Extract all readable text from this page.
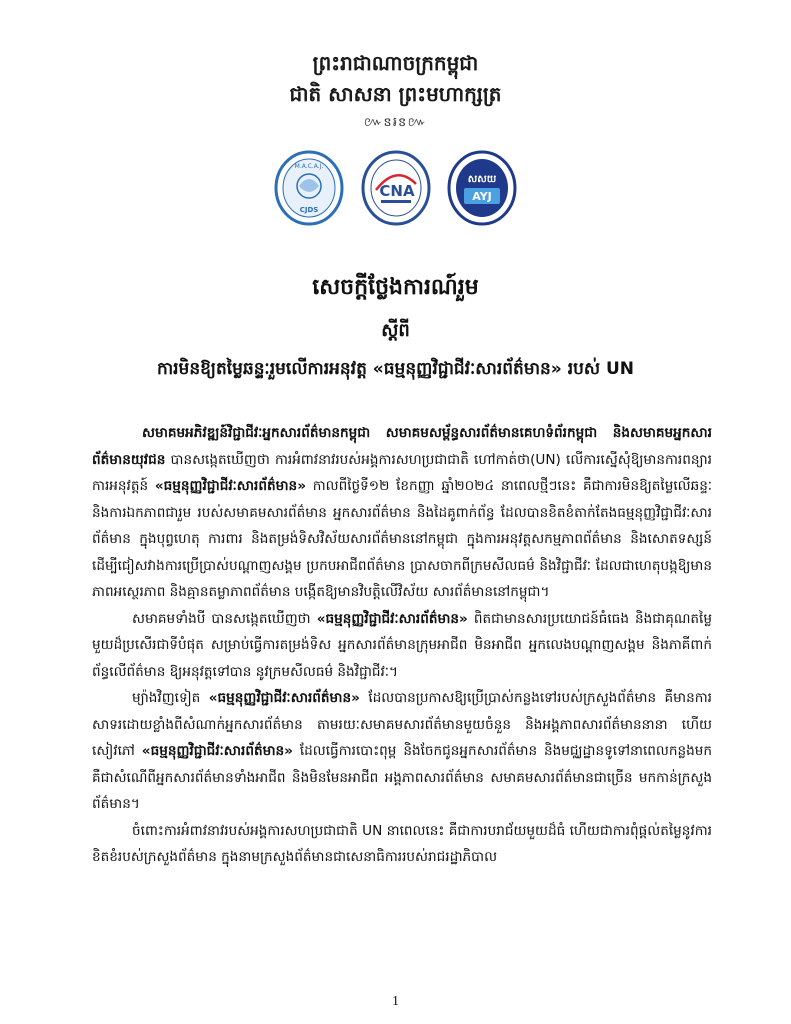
ព្រះរាជាណាចក្រកម្ពុជា
ជាតិ សាសនា ព្រះមហាក្សត្រ
៚ៜ៛ៜ៚
M.A.C.A.J.
CJDS
CNA
សសយ
AYJ
សេចក្តីថ្លែងការណ៍រួម
ស្តីពី
ការមិនឱ្យតម្លៃឆន្ទៈរួមលើការអនុវត្ត «ធម្មនុញ្ញវិជ្ជាជីវៈសារព័ត៌មាន» របស់ UN

សមាគមអភិវឌ្ឍន៍វិជ្ជាជីវៈអ្នកសារព័ត៌មានកម្ពុជា សមាគមសម្ព័ន្ធសារព័ត៌មានគេហទំព័រកម្ពុជា និងសមាគមអ្នកសារព័ត៌មានយុវជន បានសង្កេតឃើញថា ការអំពាវនាវរបស់អង្គការសហប្រជាជាតិ ហៅកាត់ថា(UN) លើការស្នើសុំឱ្យមានការពន្យារការអនុវត្តន៍ «ធម្មនុញ្ញវិជ្ជាជីវៈសារព័ត៌មាន» កាលពីថ្ងៃទី១២ ខែកញ្ញា ឆ្នាំ២០២៤ នាពេលថ្មីៗនេះ គឺជាការមិនឱ្យតម្លៃលើឆន្ទៈ និងការឯកភាពជារួម របស់សមាគមសារព័ត៌មាន អ្នកសារព័ត៌មាន និងដៃគូពាក់ព័ន្ធ ដែលបានខិតខំតាក់តែងធម្មនុញ្ញវិជ្ជាជីវៈសារព័ត៌មាន ក្នុងបុព្វហេតុ ការពារ និងតម្រង់ទិសវិស័យសារព័ត៌មាននៅកម្ពុជា ក្នុងការអនុវត្តសកម្មភាពព័ត៌មាន និងសោតទស្សន៍ ដើម្បីជៀសវាងការប្រើប្រាស់បណ្តាញសង្គម ប្រកបអាជីពព័ត៌មាន ប្រាសចាកពីក្រមសីលធម៌ និងវិជ្ជាជីវៈ ដែលជាហេតុបង្កឱ្យមានភាពអស្ថេរភាព និងគ្មានតម្លាភាពព័ត៌មាន បង្កើតឱ្យមានវិបត្តិលើវិស័យ សារព័ត៌មាននៅកម្ពុជា។

សមាគមទាំងបី បានសង្កេតឃើញថា «ធម្មនុញ្ញវិជ្ជាជីវៈសារព័ត៌មាន» ពិតជាមានសារប្រយោជន៍ធំធេង និងជាគុណតម្លៃមួយដ៏ប្រសើរជាទីបំផុត សម្រាប់ធ្វើការតម្រង់ទិស អ្នកសារព័ត៌មានក្រុមអាជីព មិនអាជីព អ្នកលេងបណ្តាញសង្គម និងភាគីពាក់ព័ន្ធលើព័ត៌មាន ឱ្យអនុវត្តទៅបាន នូវក្រមសីលធម៌ និងវិជ្ជាជីវៈ។

ម្យ៉ាងវិញទៀត «ធម្មនុញ្ញវិជ្ជាជីវៈសារព័ត៌មាន» ដែលបានប្រកាសឱ្យប្រើប្រាស់កន្លងទៅរបស់ក្រសួងព័ត៌មាន គឺមានការសាទរដោយខ្លាំងពីសំណាក់អ្នកសារព័ត៌មាន តាមរយៈសមាគមសារព័ត៌មានមួយចំនួន និងអង្គភាពសារព័ត៌មាននានា ហើយសៀវភៅ «ធម្មនុញ្ញវិជ្ជាជីវៈសារព័ត៌មាន» ដែលធ្វើការបោះពុម្ព និងចែកជូនអ្នកសារព័ត៌មាន និងមជ្ឈដ្ឋានទូទៅនាពេលកន្លងមក គឺជាសំណើពីអ្នកសារព័ត៌មានទាំងអាជីព និងមិនមែនអាជីព អង្គភាពសារព័ត៌មាន សមាគមសារព័ត៌មានជាច្រើន មកកាន់ក្រសួងព័ត៌មាន។

ចំពោះការអំពាវនាវរបស់អង្គការសហប្រជាជាតិ UN នាពេលនេះ គឺជាការបរាជ័យមួយដ៏ធំ ហើយជាការពុំផ្តល់តម្លៃនូវការខិតខំរបស់ក្រសួងព័ត៌មាន ក្នុងនាមក្រសួងព័ត៌មានជាសេនាធិការរបស់រាជរដ្ឋាភិបាល

1
